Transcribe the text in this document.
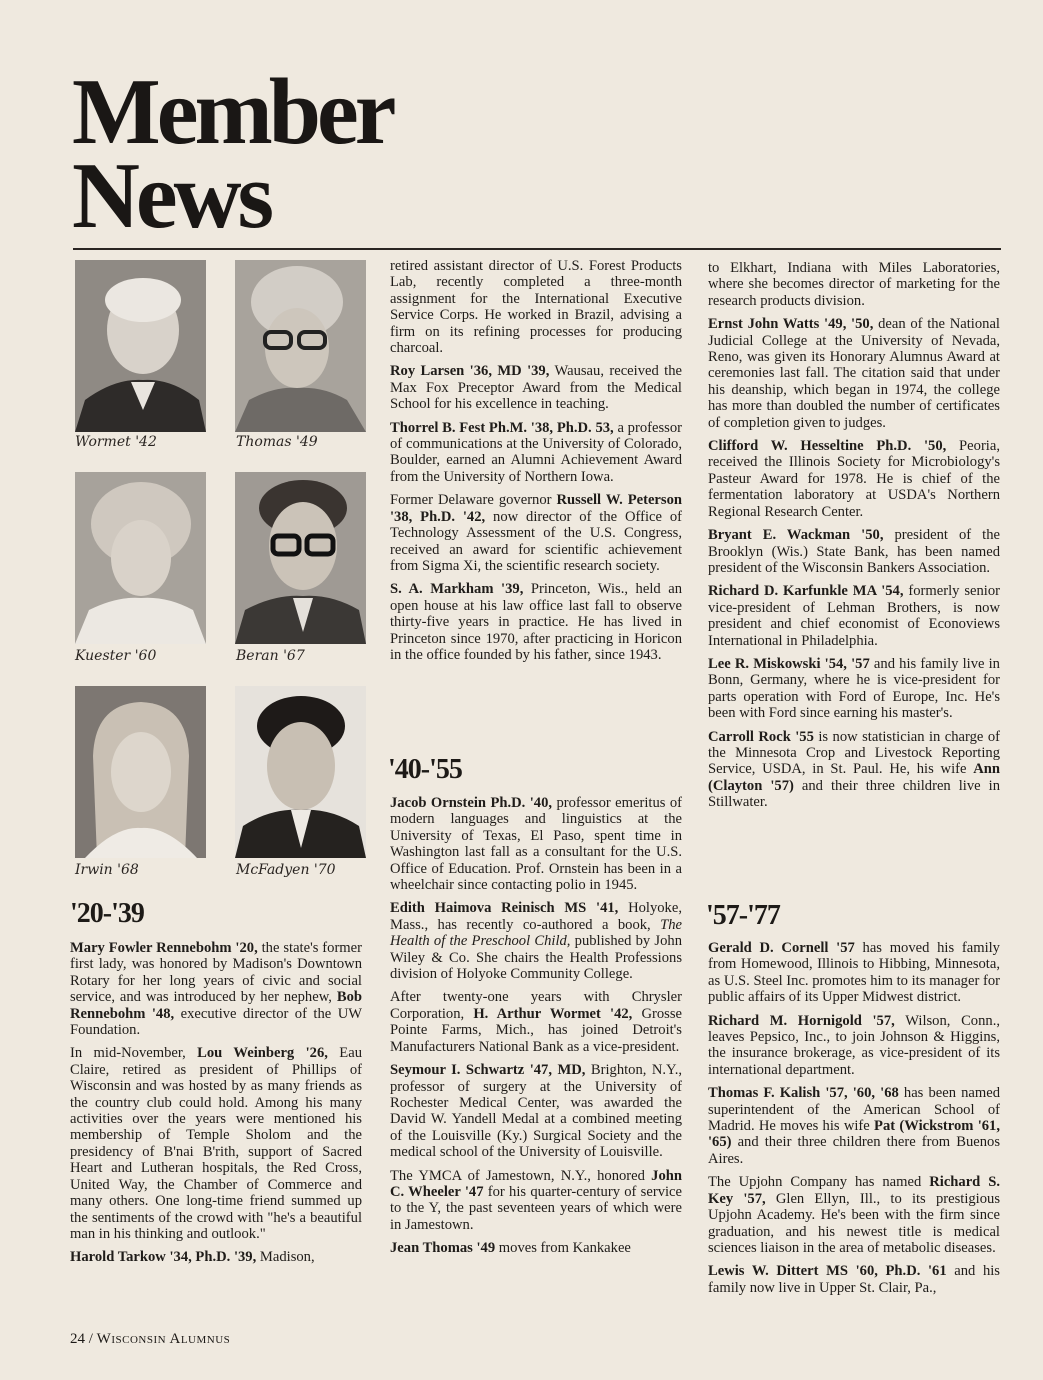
Member
News
Wormet '42	Thomas '49
Kuester '60	Beran '67
Irwin '68	McFadyen '70
'20-'39
'40-'55
'57-'77

Mary Fowler Rennebohm '20, the state's former first lady, was honored by Madison's Downtown Rotary for her long years of civic and social service, and was introduced by her nephew, Bob Rennebohm '48, executive director of the UW Foundation.

In mid-November, Lou Weinberg '26, Eau Claire, retired as president of Phillips of Wisconsin and was hosted by as many friends as the country club could hold. Among his many activities over the years were mentioned his membership of Temple Sholom and the presidency of B'nai B'rith, support of Sacred Heart and Lutheran hospitals, the Red Cross, United Way, the Chamber of Commerce and many others. One long-time friend summed up the sentiments of the crowd with "he's a beautiful man in his thinking and outlook."

Harold Tarkow '34, Ph.D. '39, Madison,

retired assistant director of U.S. Forest Products Lab, recently completed a three-month assignment for the International Executive Service Corps. He worked in Brazil, advising a firm on its refining processes for producing charcoal.

Roy Larsen '36, MD '39, Wausau, received the Max Fox Preceptor Award from the Medical School for his excellence in teaching.

Thorrel B. Fest Ph.M. '38, Ph.D. 53, a professor of communications at the University of Colorado, Boulder, earned an Alumni Achievement Award from the University of Northern Iowa.

Former Delaware governor Russell W. Peterson '38, Ph.D. '42, now director of the Office of Technology Assessment of the U.S. Congress, received an award for scientific achievement from Sigma Xi, the scientific research society.

S. A. Markham '39, Princeton, Wis., held an open house at his law office last fall to observe thirty-five years in practice. He has lived in Princeton since 1970, after practicing in Horicon in the office founded by his father, since 1943.

Jacob Ornstein Ph.D. '40, professor emeritus of modern languages and linguistics at the University of Texas, El Paso, spent time in Washington last fall as a consultant for the U.S. Office of Education. Prof. Ornstein has been in a wheelchair since contacting polio in 1945.

Edith Haimova Reinisch MS '41, Holyoke, Mass., has recently co-authored a book, The Health of the Preschool Child, published by John Wiley & Co. She chairs the Health Professions division of Holyoke Community College.

After twenty-one years with Chrysler Corporation, H. Arthur Wormet '42, Grosse Pointe Farms, Mich., has joined Detroit's Manufacturers National Bank as a vice-president.

Seymour I. Schwartz '47, MD, Brighton, N.Y., professor of surgery at the University of Rochester Medical Center, was awarded the David W. Yandell Medal at a combined meeting of the Louisville (Ky.) Surgical Society and the medical school of the University of Louisville.

The YMCA of Jamestown, N.Y., honored John C. Wheeler '47 for his quarter-century of service to the Y, the past seventeen years of which were in Jamestown.

Jean Thomas '49 moves from Kankakee

to Elkhart, Indiana with Miles Laboratories, where she becomes director of marketing for the research products division.

Ernst John Watts '49, '50, dean of the National Judicial College at the University of Nevada, Reno, was given its Honorary Alumnus Award at ceremonies last fall. The citation said that under his deanship, which began in 1974, the college has more than doubled the number of certificates of completion given to judges.

Clifford W. Hesseltine Ph.D. '50, Peoria, received the Illinois Society for Microbiology's Pasteur Award for 1978. He is chief of the fermentation laboratory at USDA's Northern Regional Research Center.

Bryant E. Wackman '50, president of the Brooklyn (Wis.) State Bank, has been named president of the Wisconsin Bankers Association.

Richard D. Karfunkle MA '54, formerly senior vice-president of Lehman Brothers, is now president and chief economist of Econoviews International in Philadelphia.

Lee R. Miskowski '54, '57 and his family live in Bonn, Germany, where he is vice-president for parts operation with Ford of Europe, Inc. He's been with Ford since earning his master's.

Carroll Rock '55 is now statistician in charge of the Minnesota Crop and Livestock Reporting Service, USDA, in St. Paul. He, his wife Ann (Clayton '57) and their three children live in Stillwater.

Gerald D. Cornell '57 has moved his family from Homewood, Illinois to Hibbing, Minnesota, as U.S. Steel Inc. promotes him to its manager for public affairs of its Upper Midwest district.

Richard M. Hornigold '57, Wilson, Conn., leaves Pepsico, Inc., to join Johnson & Higgins, the insurance brokerage, as vice-president of its international department.

Thomas F. Kalish '57, '60, '68 has been named superintendent of the American School of Madrid. He moves his wife Pat (Wickstrom '61, '65) and their three children there from Buenos Aires.

The Upjohn Company has named Richard S. Key '57, Glen Ellyn, Ill., to its prestigious Upjohn Academy. He's been with the firm since graduation, and his newest title is medical sciences liaison in the area of metabolic diseases.

Lewis W. Dittert MS '60, Ph.D. '61 and his family now live in Upper St. Clair, Pa.,

24 / Wisconsin Alumnus
